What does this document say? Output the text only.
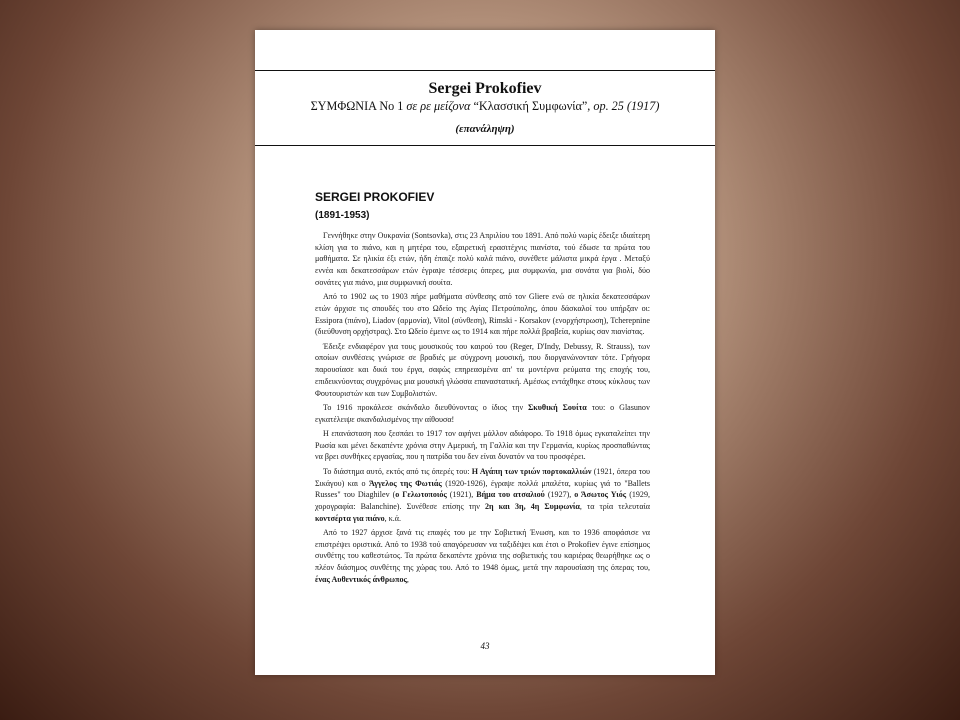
Sergei Prokofiev
ΣΥΜΦΩΝΙΑ No 1 σε ρε μείζονα “Κλασσική Συμφωνία”, op. 25 (1917)
(επανάληψη)
SERGEI PROKOFIEV
(1891-1953)

Γεννήθηκε στην Ουκρανία (Sontsovka), στις 23 Απριλίου του 1891. Από πολύ νωρίς έδειξε ιδιαίτερη κλίση για το πιάνο, και η μητέρα του, εξαιρετική ερασιτέχνις πιανίστα, τού έδωσε τα πρώτα του μαθήματα. Σε ηλικία έξι ετών, ήδη έπαιζε πολύ καλά πιάνο, συνέθετε μάλιστα μικρά έργα . Μεταξύ εννέα και δεκατεσσάρων ετών έγραψε τέσσερις όπερες, μια συμφωνία, μια σονάτα για βιολί, δύο σονάτες για πιάνο, μια συμφωνική σουίτα.

Από το 1902 ως το 1903 πήρε μαθήματα σύνθεσης από τον Gliere ενώ σε ηλικία δεκατεσσάρων ετών άρχισε τις σπουδές του στο Ωδείο της Αγίας Πετρούπολης, όπου δάσκαλοί του υπήρξαν οι: Essipora (πιάνο), Liadov (αρμονία), Vitol (σύνθεση), Rimski - Korsakov (ενορχήστρωση), Tcherepnine (διεύθυνση ορχήστρας). Στο Ωδείο έμεινε ως το 1914 και πήρε πολλά βραβεία, κυρίως σαν πιανίστας.

Έδειξε ενδιαφέρον για τους μουσικούς του καιρού του (Reger, D'Indy, Debussy, R. Strauss), των οποίων συνθέσεις γνώρισε σε βραδιές με σύγχρονη μουσική, που διοργανώνονταν τότε. Γρήγορα παρουσίασε και δικά του έργα, σαφώς επηρεασμένα απ' τα μοντέρνα ρεύματα της εποχής του, επιδεικνύοντας συγχρόνως μια μουσική γλώσσα επαναστατική. Αμέσως εντάχθηκε στους κύκλους των Φουτουριστών και των Συμβολιστών.

Το 1916 προκάλεσε σκάνδαλο διευθύνοντας ο ίδιος την Σκυθική Σουίτα του: ο Glasunov εγκατέλειψε σκανδαλισμένος την αίθουσα!

Η επανάσταση που ξεσπάει το 1917 τον αφήνει μάλλον αδιάφορο. Το 1918 όμως εγκαταλείπει την Ρωσία και μένει δεκαπέντε χρόνια στην Αμερική, τη Γαλλία και την Γερμανία, κυρίως προσπαθώντας να βρει συνθήκες εργασίας, που η πατρίδα του δεν είναι δυνατόν να του προσφέρει.

Το διάστημα αυτό, εκτός από τις όπερές του: Η Αγάπη των τριών πορτοκαλλιών (1921, όπερα του Σικάγου) και ο Άγγελος της Φωτιάς (1920-1926), έγραψε πολλά μπαλέτα, κυρίως γιά το "Ballets Russes" του Diaghilev (ο Γελωτοποιός (1921), Βήμα του ατσαλιού (1927), ο Άσωτος Υιός (1929, χορογραφία: Balanchine). Συνέθεσε επίσης την 2η και 3η, 4η Συμφωνία, τα τρία τελευταία κοντσέρτα για πιάνο, κ.ά.

Από το 1927 άρχισε ξανά τις επαφές του με την Σοβιετική Ένωση, και το 1936 αποφάσισε να επιστρέψει οριστικά. Από το 1938 τού απαγόρευσαν να ταξιδέψει και έτσι ο Prokofiev έγινε επίσημος συνθέτης του καθεστώτος. Τα πρώτα δεκαπέντε χρόνια της σοβιετικής του καριέρας θεωρήθηκε ως ο πλέον διάσημος συνθέτης της χώρας του. Από το 1948 όμως, μετά την παρουσίαση της όπερας του, ένας Αυθεντικός άνθρωπος,

43
